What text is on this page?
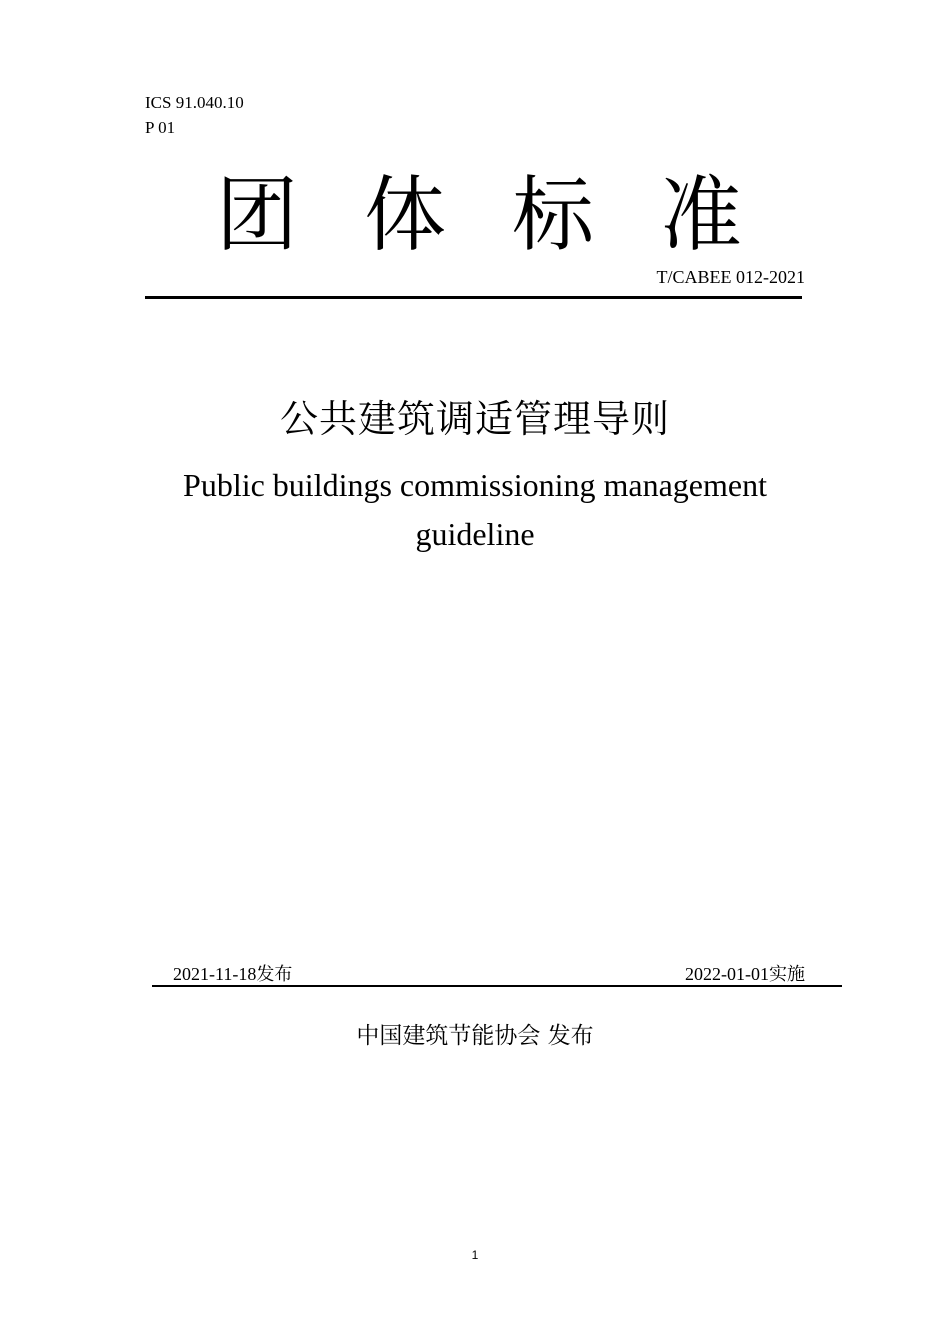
ICS 91.040.10
P 01
团 体 标 准
T/CABEE 012-2021
公共建筑调适管理导则
Public buildings commissioning management guideline
2021-11-18发布	2022-01-01实施
中国建筑节能协会 发布
1
